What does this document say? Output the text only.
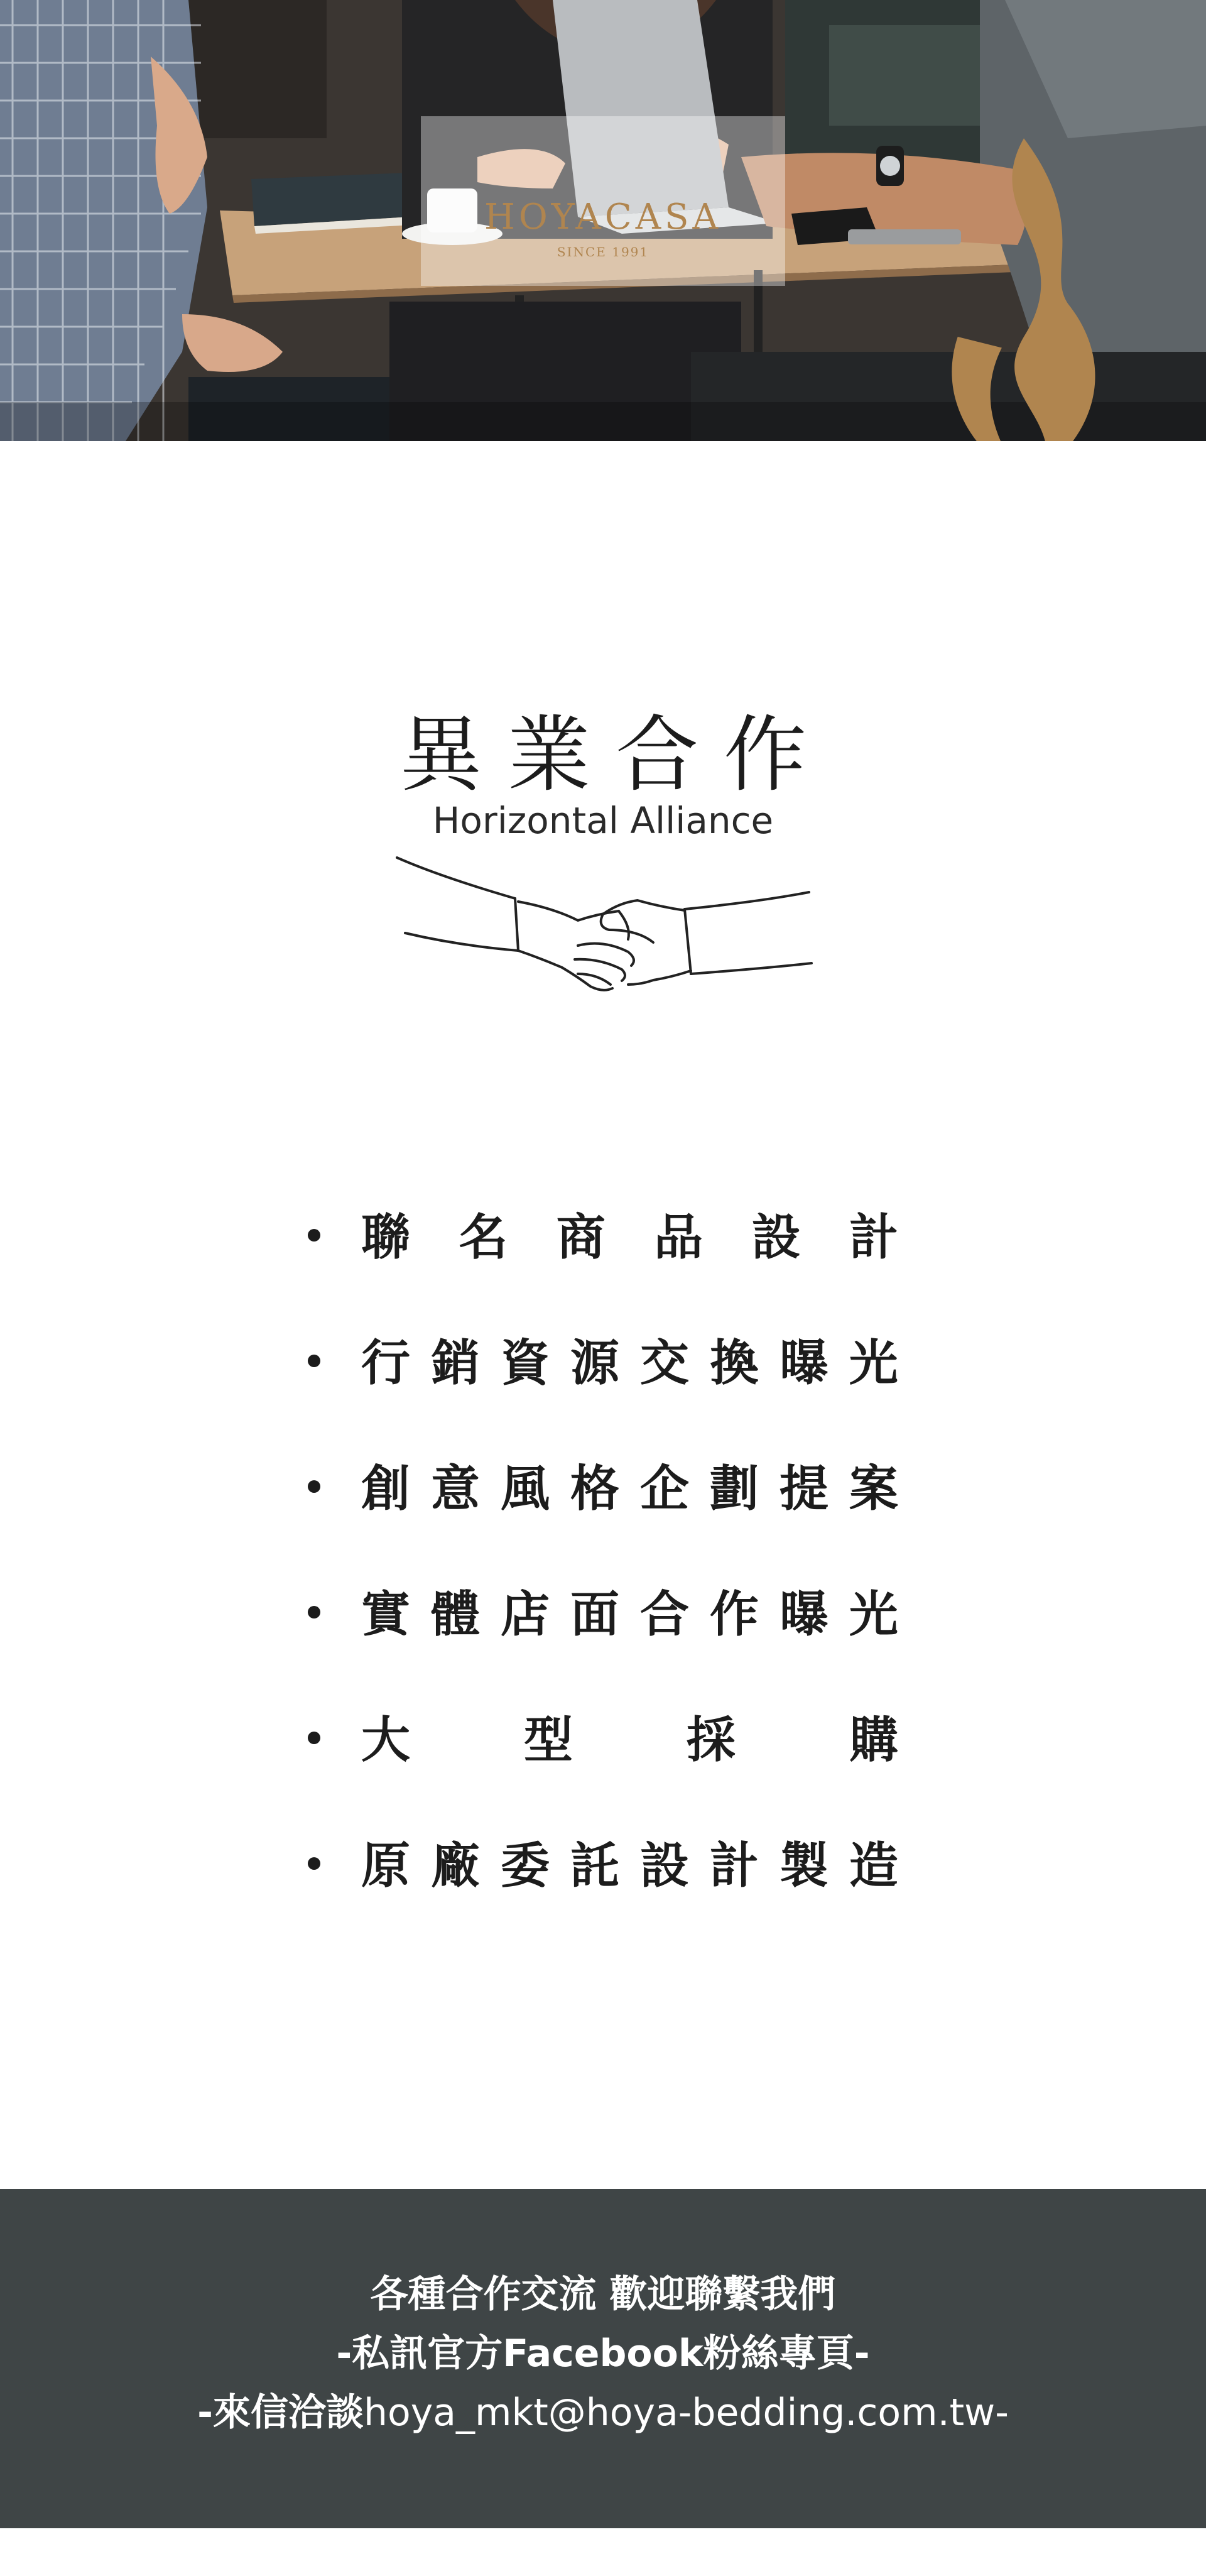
HOYACASA
SINCE 1991
異業合作
Horizontal Alliance
聯 名 商 品 設 計
行 銷 資 源 交 換 曝 光
創 意 風 格 企 劃 提 案
實 體 店 面 合 作 曝 光
大 型 採 購
原 廠 委 託 設 計 製 造
各種合作交流 歡迎聯繫我們
-私訊官方Facebook粉絲專頁-
-來信洽談hoya_mkt@hoya-bedding.com.tw-
